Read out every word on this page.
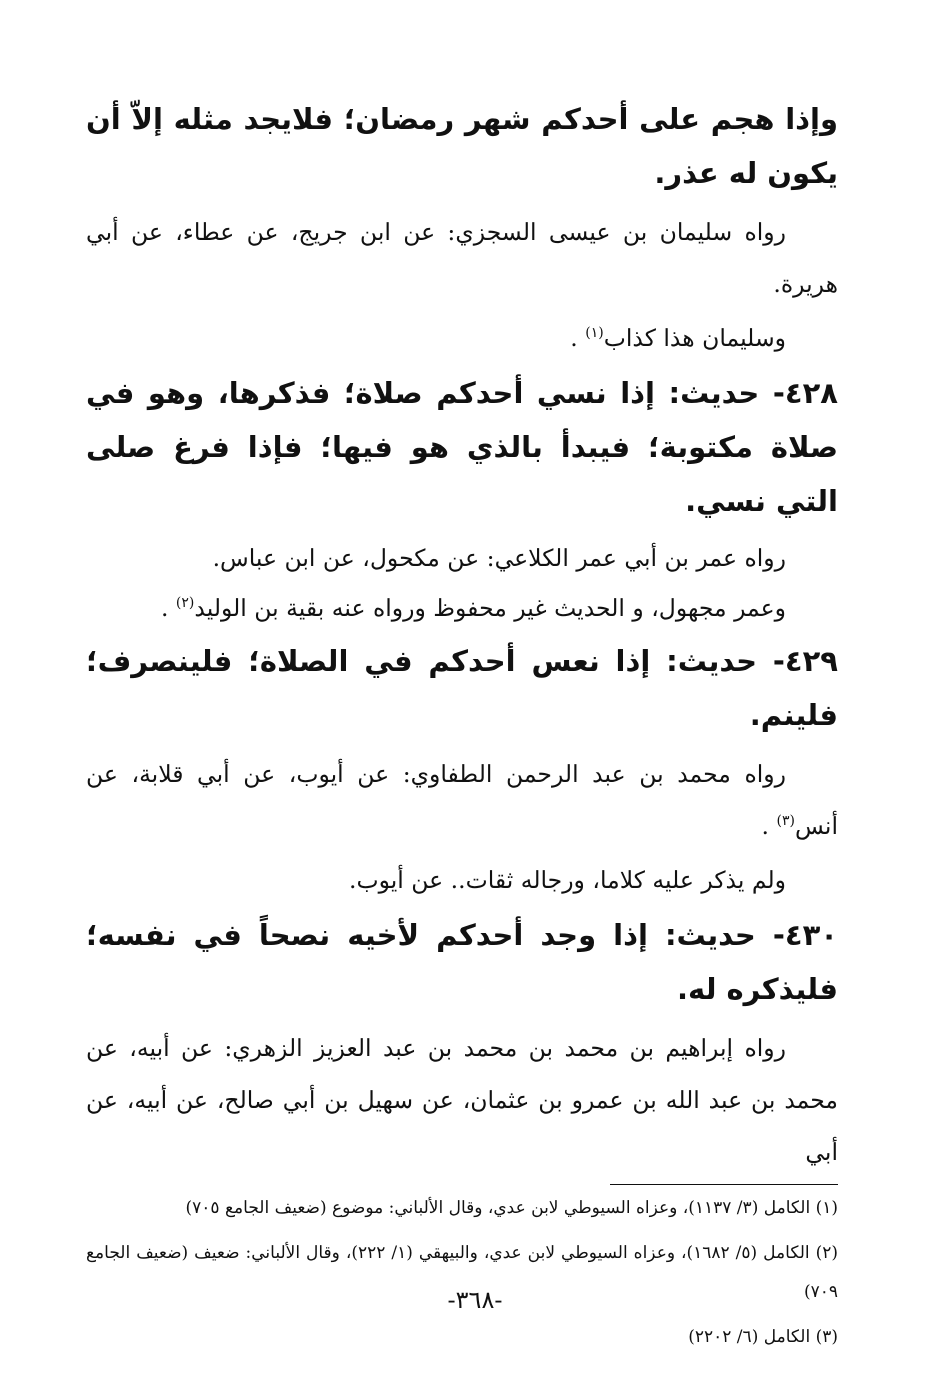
وإذا هجم على أحدكم شهر رمضان؛ فلايجد مثله إلاّ أن يكون له عذر.
رواه سليمان بن عيسى السجزي: عن ابن جريج، عن عطاء، عن أبي هريرة.
وسليمان هذا كذاب$^{(١)}$ .
٤٢٨- حديث: إذا نسي أحدكم صلاة؛ فذكرها، وهو في صلاة مكتوبة؛ فيبدأ بالذي هو فيها؛ فإذا فرغ صلى التي نسي.
رواه عمر بن أبي عمر الكلاعي: عن مكحول، عن ابن عباس.
وعمر مجهول، و الحديث غير محفوظ ورواه عنه بقية بن الوليد$^{(٢)}$ .
٤٢٩- حديث: إذا نعس أحدكم في الصلاة؛ فلينصرف؛ فلينم.
رواه محمد بن عبد الرحمن الطفاوي: عن أيوب، عن أبي قلابة، عن أنس$^{(٣)}$ .
ولم يذكر عليه كلاما، ورجاله ثقات.. عن أيوب.
٤٣٠- حديث: إذا وجد أحدكم لأخيه نصحاً في نفسه؛ فليذكره له.
رواه إبراهيم بن محمد بن محمد بن عبد العزيز الزهري: عن أبيه، عن محمد بن عبد الله بن عمرو بن عثمان، عن سهيل بن أبي صالح، عن أبيه، عن أبي
(١) الكامل (٣/ ١١٣٧)، وعزاه السيوطي لابن عدي، وقال الألباني: موضوع (ضعيف الجامع ٧٠٥)
(٢) الكامل (٥/ ١٦٨٢)، وعزاه السيوطي لابن عدي، والبيهقي (١/ ٢٢٢)، وقال الألباني: ضعيف (ضعيف الجامع ٧٠٩)
(٣) الكامل (٦/ ٢٢٠٢)
-٣٦٨-
